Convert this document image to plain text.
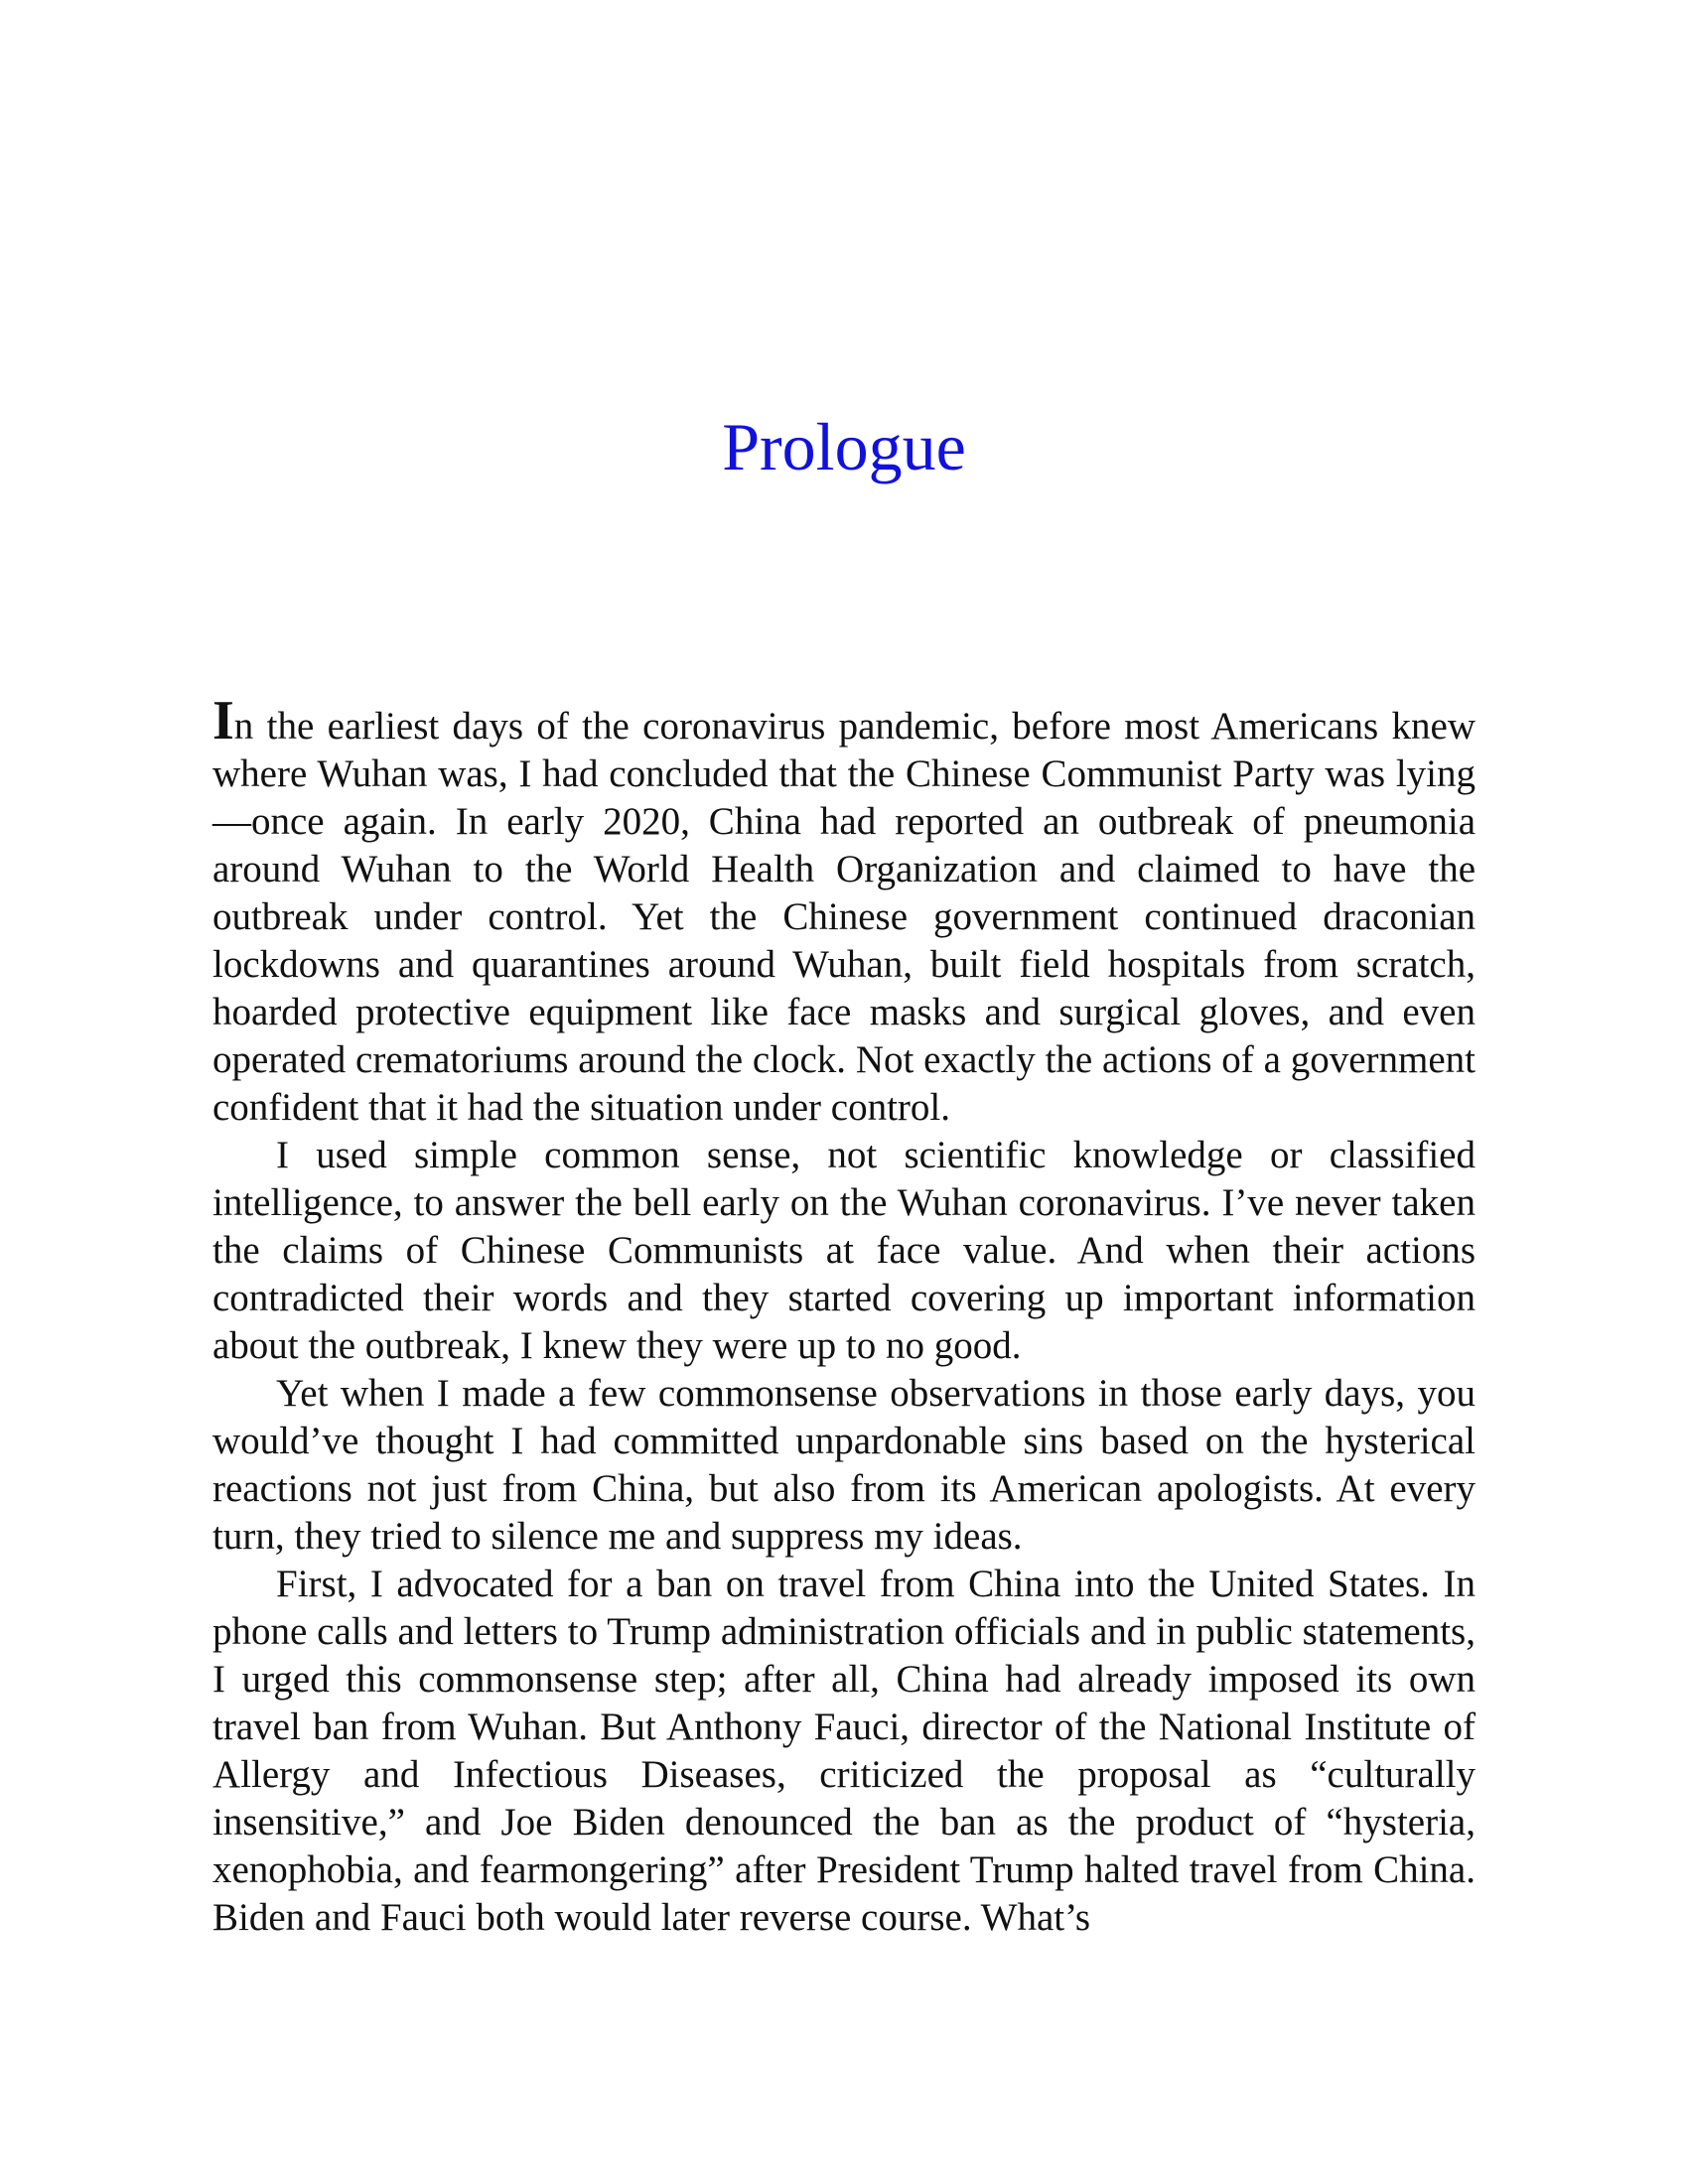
Prologue

In the earliest days of the coronavirus pandemic, before most Americans knew where Wuhan was, I had concluded that the Chinese Communist Party was lying—once again. In early 2020, China had reported an outbreak of pneumonia around Wuhan to the World Health Organization and claimed to have the outbreak under control. Yet the Chinese government continued draconian lockdowns and quarantines around Wuhan, built field hospitals from scratch, hoarded protective equipment like face masks and surgical gloves, and even operated crematoriums around the clock. Not exactly the actions of a government confident that it had the situation under control.

I used simple common sense, not scientific knowledge or classified intelligence, to answer the bell early on the Wuhan coronavirus. I’ve never taken the claims of Chinese Communists at face value. And when their actions contradicted their words and they started covering up important information about the outbreak, I knew they were up to no good.

Yet when I made a few commonsense observations in those early days, you would’ve thought I had committed unpardonable sins based on the hysterical reactions not just from China, but also from its American apologists. At every turn, they tried to silence me and suppress my ideas.

First, I advocated for a ban on travel from China into the United States. In phone calls and letters to Trump administration officials and in public statements, I urged this commonsense step; after all, China had already imposed its own travel ban from Wuhan. But Anthony Fauci, director of the National Institute of Allergy and Infectious Diseases, criticized the proposal as “culturally insensitive,” and Joe Biden denounced the ban as the product of “hysteria, xenophobia, and fearmongering” after President Trump halted travel from China. Biden and Fauci both would later reverse course. What’s
